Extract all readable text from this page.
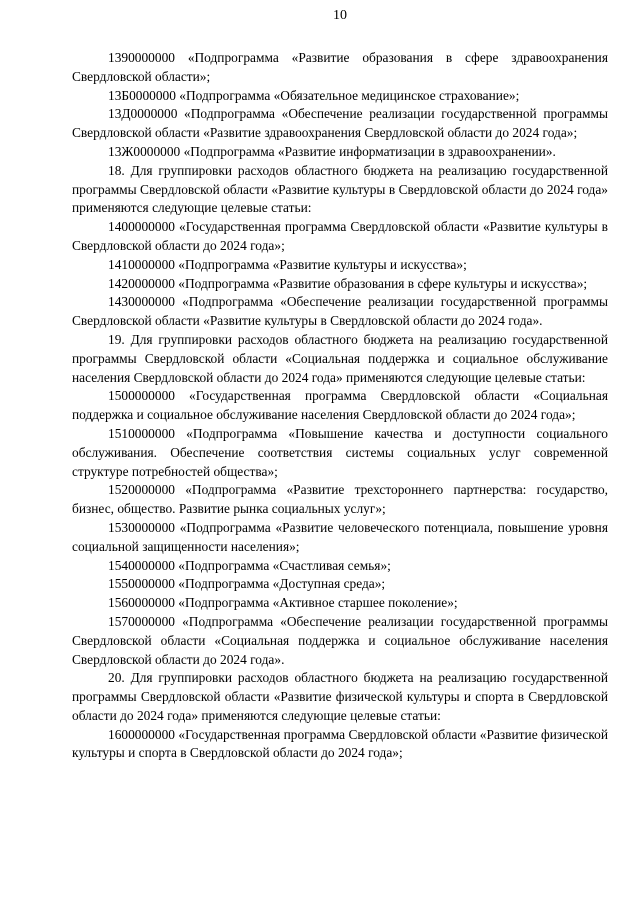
10

1390000000 «Подпрограмма «Развитие образования в сфере здравоохранения Свердловской области»;

13Б0000000 «Подпрограмма «Обязательное медицинское страхование»;

13Д0000000 «Подпрограмма «Обеспечение реализации государственной программы Свердловской области «Развитие здравоохранения Свердловской области до 2024 года»;

13Ж0000000 «Подпрограмма «Развитие информатизации в здравоохранении».

18. Для группировки расходов областного бюджета на реализацию государственной программы Свердловской области «Развитие культуры в Свердловской области до 2024 года» применяются следующие целевые статьи:

1400000000 «Государственная программа Свердловской области «Развитие культуры в Свердловской области до 2024 года»;

1410000000 «Подпрограмма «Развитие культуры и искусства»;

1420000000 «Подпрограмма «Развитие образования в сфере культуры и искусства»;

1430000000 «Подпрограмма «Обеспечение реализации государственной программы Свердловской области «Развитие культуры в Свердловской области до 2024 года».

19. Для группировки расходов областного бюджета на реализацию государственной программы Свердловской области «Социальная поддержка и социальное обслуживание населения Свердловской области до 2024 года» применяются следующие целевые статьи:

1500000000 «Государственная программа Свердловской области «Социальная поддержка и социальное обслуживание населения Свердловской области до 2024 года»;

1510000000 «Подпрограмма «Повышение качества и доступности социального обслуживания. Обеспечение соответствия системы социальных услуг современной структуре потребностей общества»;

1520000000 «Подпрограмма «Развитие трехстороннего партнерства: государство, бизнес, общество. Развитие рынка социальных услуг»;

1530000000 «Подпрограмма «Развитие человеческого потенциала, повышение уровня социальной защищенности населения»;

1540000000 «Подпрограмма «Счастливая семья»;

1550000000 «Подпрограмма «Доступная среда»;

1560000000 «Подпрограмма «Активное старшее поколение»;

1570000000 «Подпрограмма «Обеспечение реализации государственной программы Свердловской области «Социальная поддержка и социальное обслуживание населения Свердловской области до 2024 года».

20. Для группировки расходов областного бюджета на реализацию государственной программы Свердловской области «Развитие физической культуры и спорта в Свердловской области до 2024 года» применяются следующие целевые статьи:

1600000000 «Государственная программа Свердловской области «Развитие физической культуры и спорта в Свердловской области до 2024 года»;
